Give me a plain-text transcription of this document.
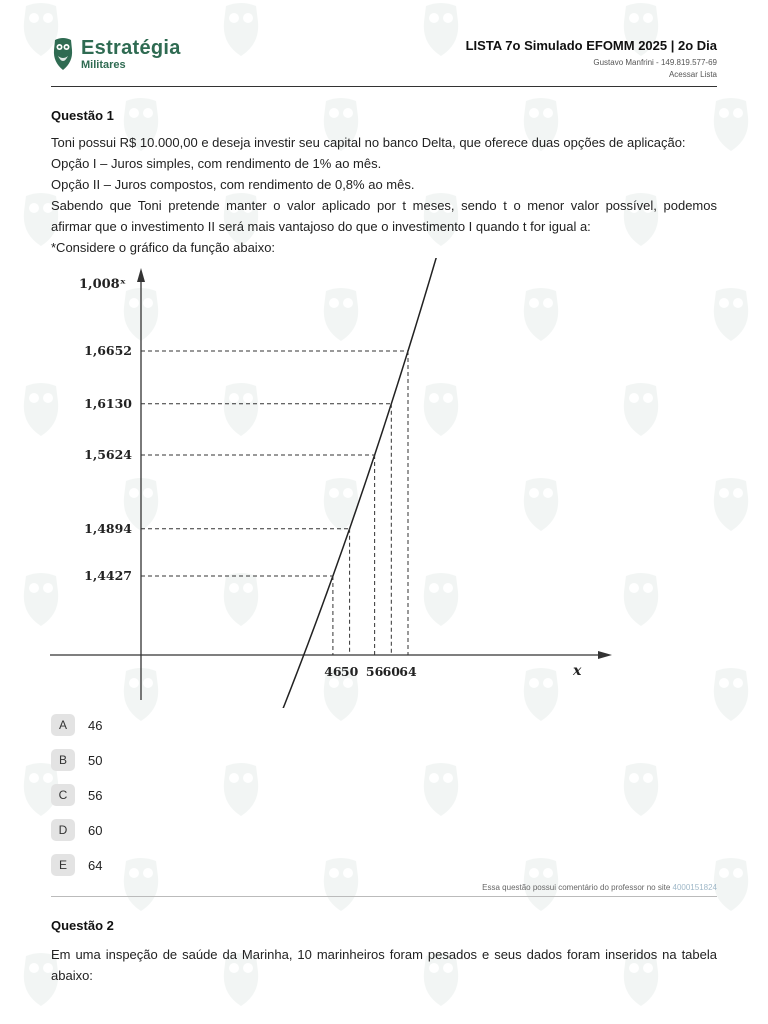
Estratégia
Militares
LISTA 7o Simulado EFOMM 2025 | 2o Dia
Gustavo Manfrini - 149.819.577-69
Acessar Lista
Questão 1
Toni possui R$ 10.000,00 e deseja investir seu capital no banco Delta, que oferece duas opções de aplicação:
Opção I – Juros simples, com rendimento de 1% ao mês.
Opção II – Juros compostos, com rendimento de 0,8% ao mês.
Sabendo que Toni pretende manter o valor aplicado por t meses, sendo t o menor valor possível, podemos
afirmar que o investimento II será mais vantajoso do que o investimento I quando t for igual a:
*Considere o gráfico da função abaixo:
1,4427
46
1,4894
50
1,5624
56
1,6130
60
1,6652
64
1,008ˣ
x
A	46
B	50
C	56
D	60
E	64
Essa questão possui comentário do professor no site 4000151824
Questão 2
Em uma inspeção de saúde da Marinha, 10 marinheiros foram pesados e seus dados foram inseridos na tabela
abaixo:
